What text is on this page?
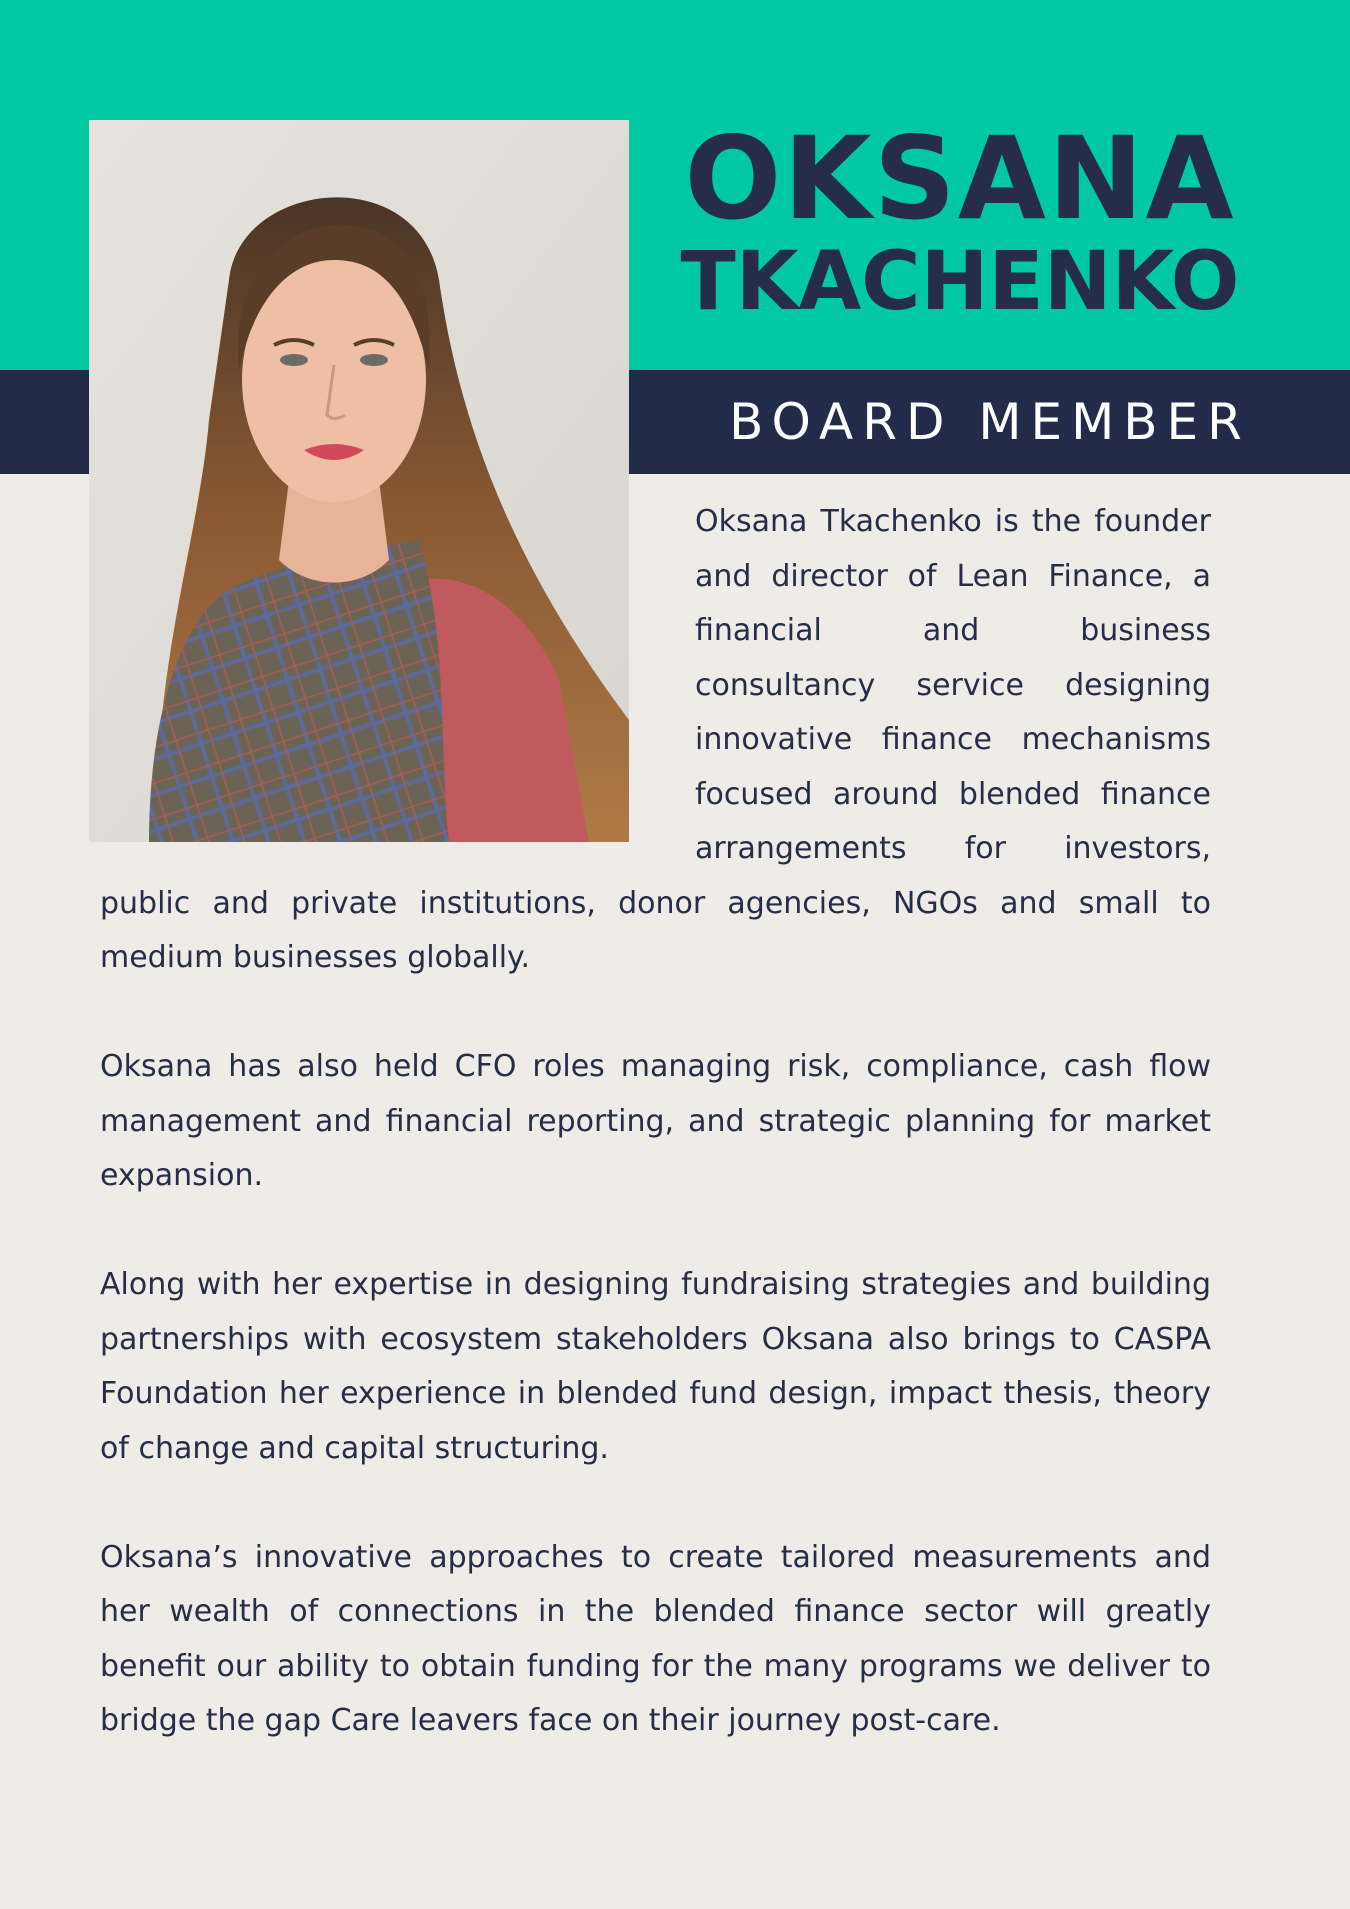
OKSANA
TKACHENKO
BOARD MEMBER

Oksana Tkachenko is the founder and director of Lean Finance, a financial and business consultancy service designing innovative finance mechanisms focused around blended finance arrangements for investors, public and private institutions, donor agencies, NGOs and small to medium businesses globally.

Oksana has also held CFO roles managing risk, compliance, cash flow management and financial reporting, and strategic planning for market expansion.

Along with her expertise in designing fundraising strategies and building partnerships with ecosystem stakeholders Oksana also brings to CASPA Foundation her experience in blended fund design, impact thesis, theory of change and capital structuring.

Oksana’s innovative approaches to create tailored measurements and her wealth of connections in the blended finance sector will greatly benefit our ability to obtain funding for the many programs we deliver to bridge the gap Care leavers face on their journey post-care.
